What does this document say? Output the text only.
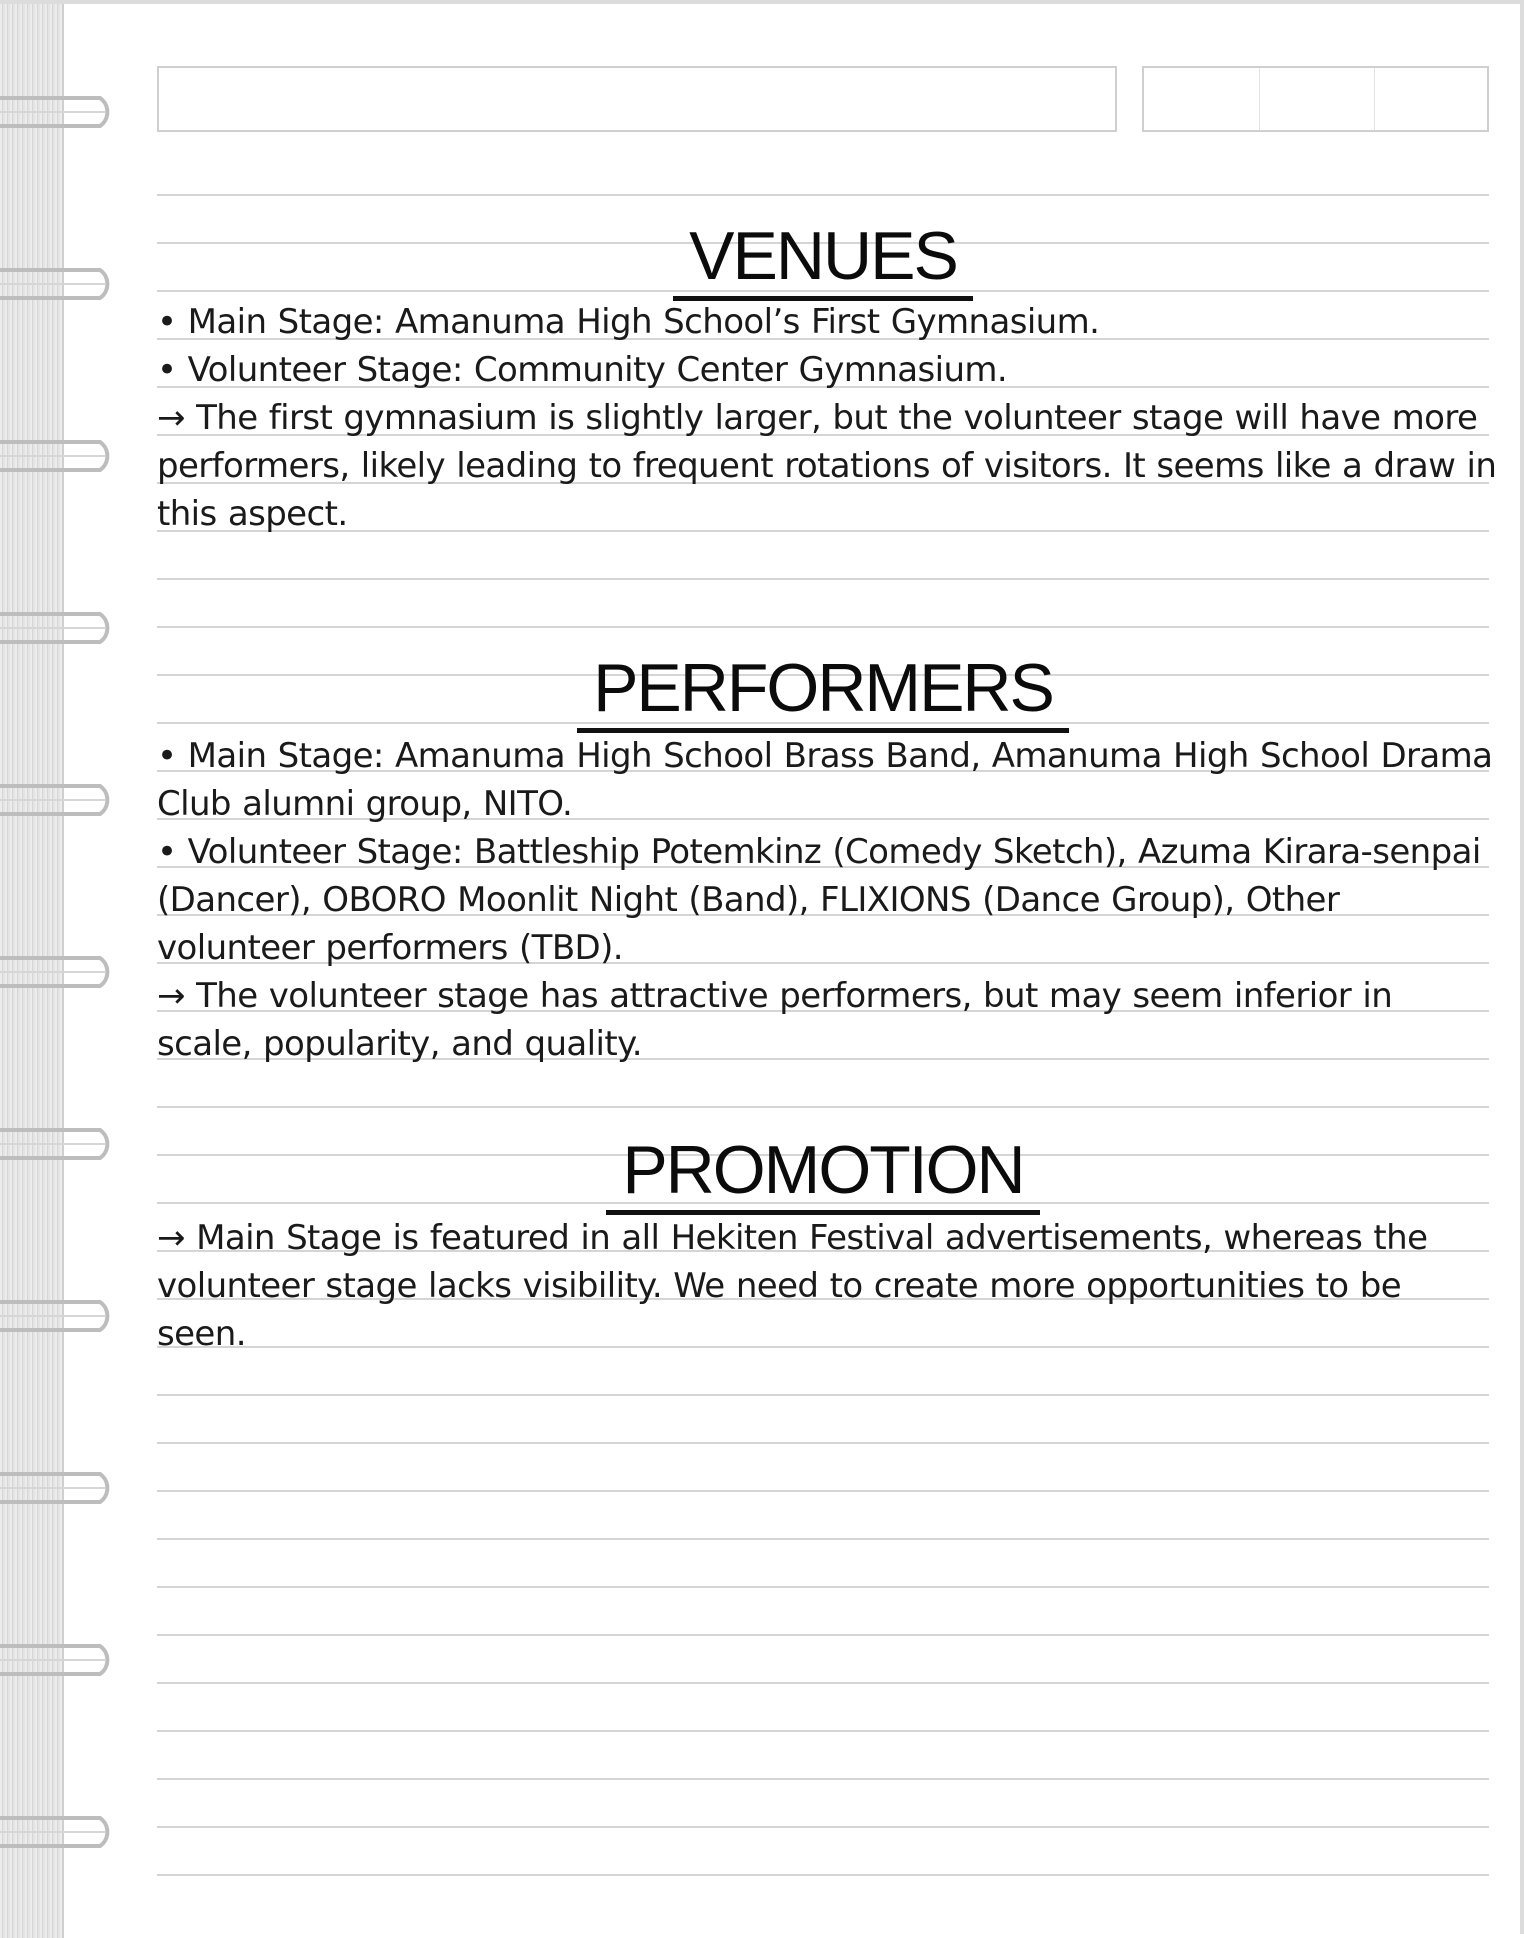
VENUES

• Main Stage: Amanuma High School’s First Gymnasium.

• Volunteer Stage: Community Center Gymnasium.

→ The first gymnasium is slightly larger, but the volunteer stage will have more performers, likely leading to frequent rotations of visitors. It seems like a draw in this aspect.

PERFORMERS

• Main Stage: Amanuma High School Brass Band, Amanuma High School Drama Club alumni group, NITO.

• Volunteer Stage: Battleship Potemkinz (Comedy Sketch), Azuma Kirara-senpai (Dancer), OBORO Moonlit Night (Band), FLIXIONS (Dance Group), Other volunteer performers (TBD).

→ The volunteer stage has attractive performers, but may seem inferior in scale, popularity, and quality.

PROMOTION

→ Main Stage is featured in all Hekiten Festival advertisements, whereas the volunteer stage lacks visibility. We need to create more opportunities to be seen.
